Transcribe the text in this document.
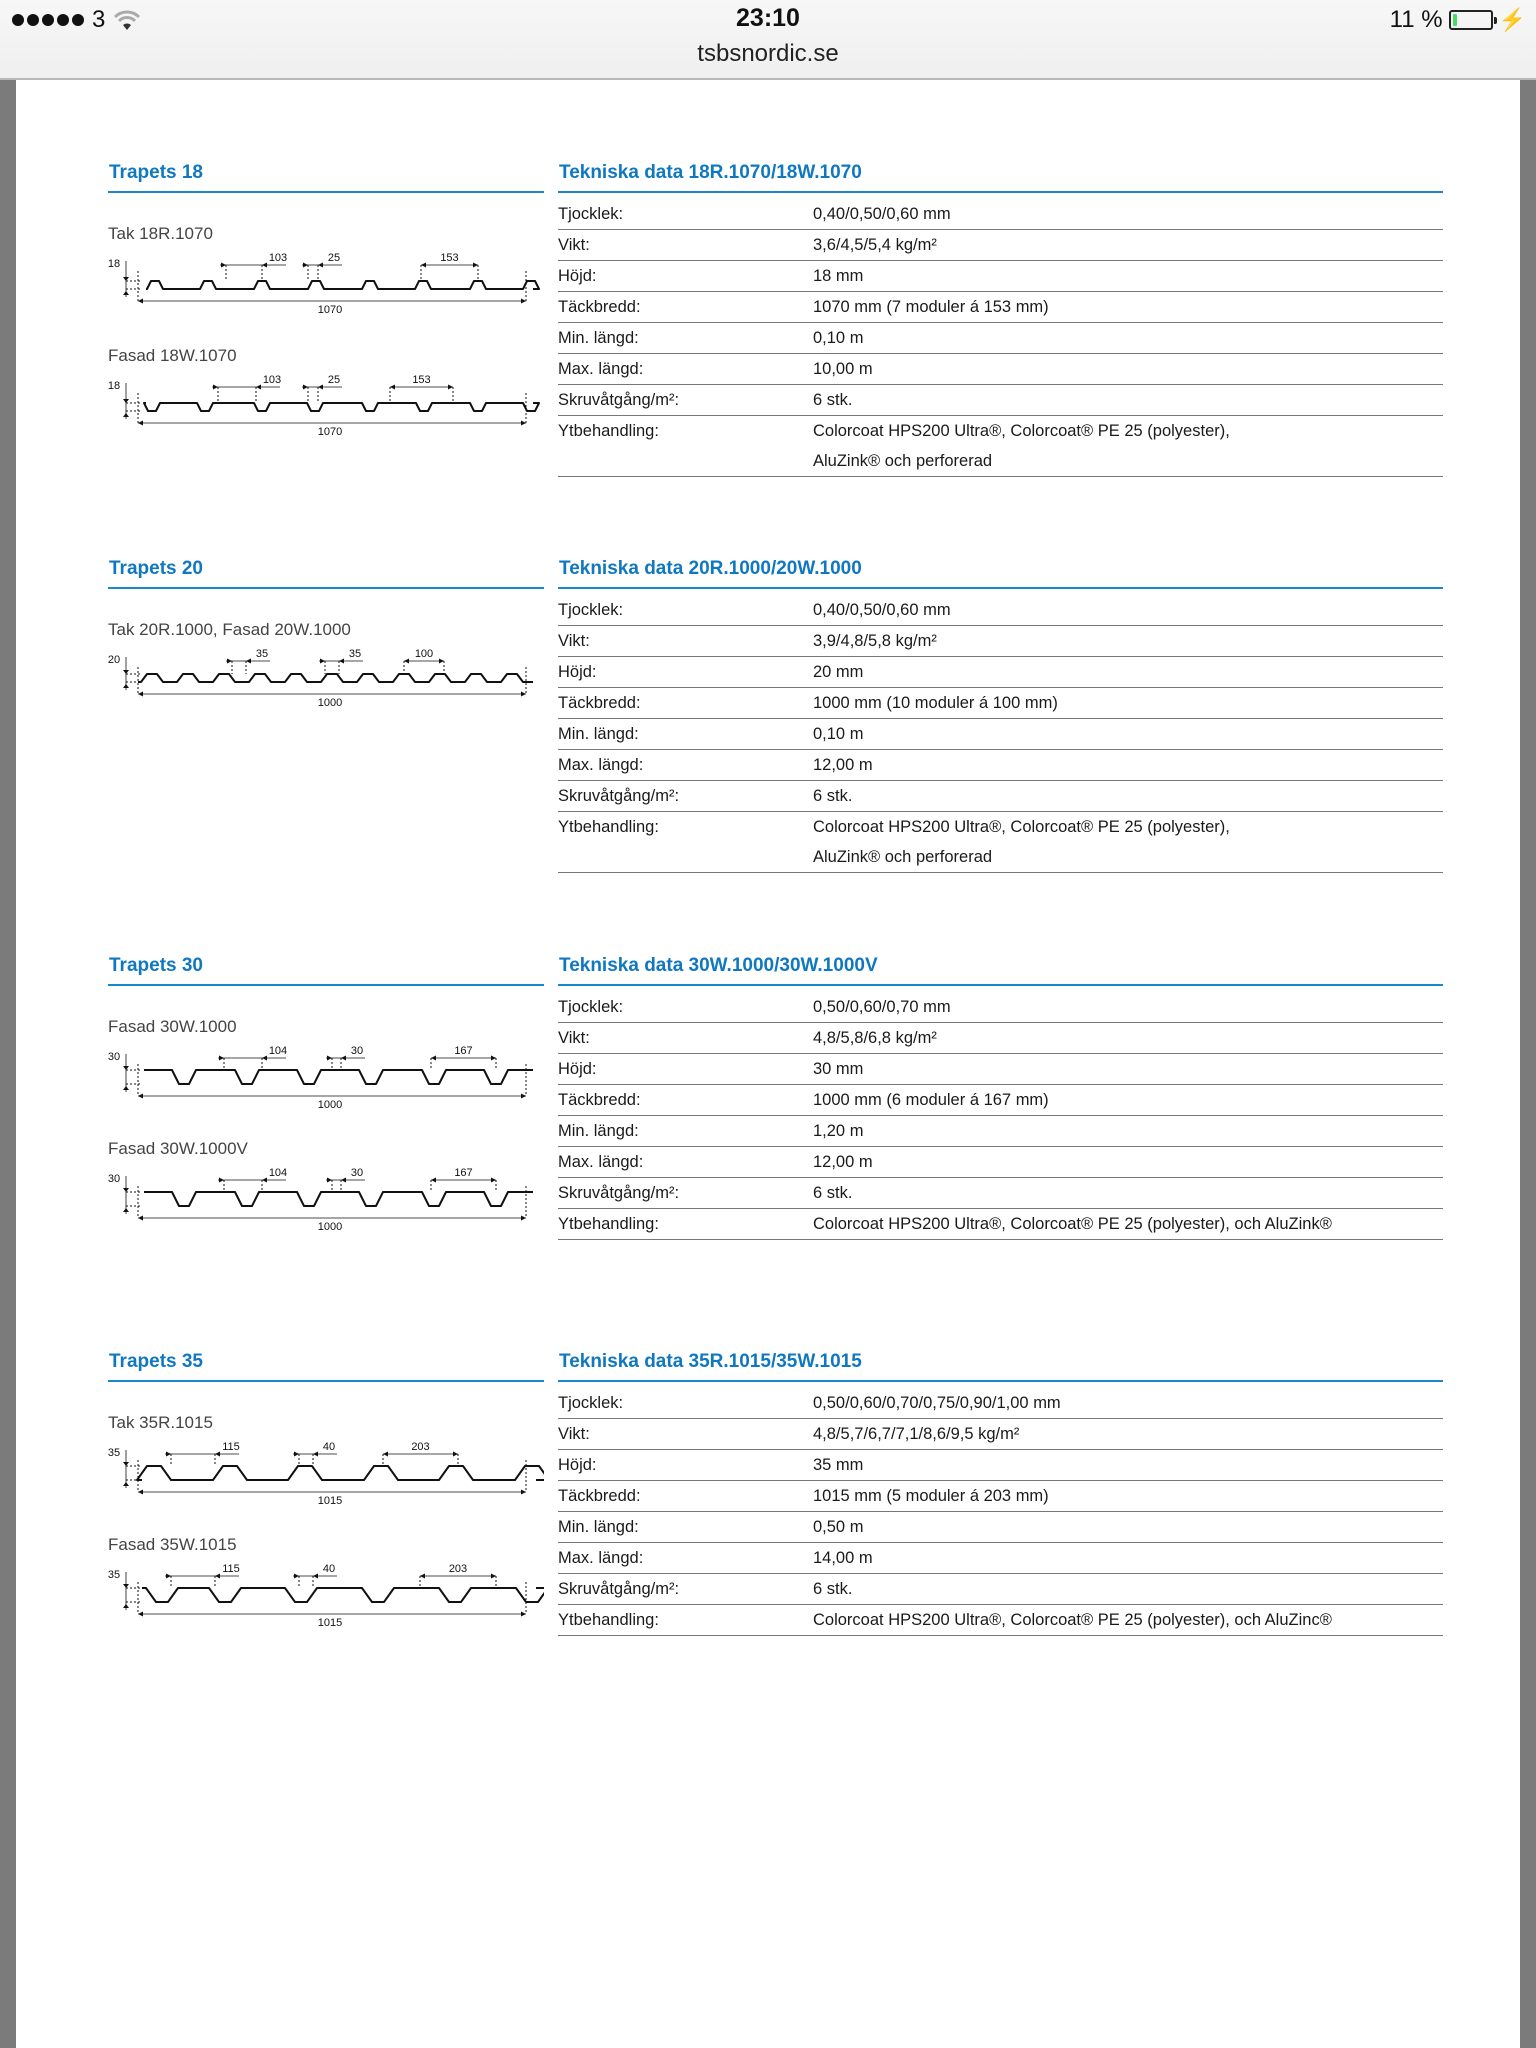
3	23:10	11 %	⚡
tsbsnordic.se
Trapets 18
Tak 18R.1070
18
1070
103	25	153
Fasad 18W.1070
18
1070
103	25	153
Tekniska data 18R.1070/18W.1070
Tjocklek:	0,40/0,50/0,60 mm

Vikt:	3,6/4,5/5,4 kg/m²

Höjd:	18 mm

Täckbredd:	1070 mm (7 moduler á 153 mm)

Min. längd:	0,10 m

Max. längd:	10,00 m

Skruvåtgång/m²:	6 stk.

Ytbehandling:	Colorcoat HPS200 Ultra®, Colorcoat® PE 25 (polyester),
AluZink® och perforerad
Trapets 20
Tak 20R.1000, Fasad 20W.1000
20
1000
35	35	100
Tekniska data 20R.1000/20W.1000
Tjocklek:	0,40/0,50/0,60 mm

Vikt:	3,9/4,8/5,8 kg/m²

Höjd:	20 mm

Täckbredd:	1000 mm (10 moduler á 100 mm)

Min. längd:	0,10 m

Max. längd:	12,00 m

Skruvåtgång/m²:	6 stk.

Ytbehandling:	Colorcoat HPS200 Ultra®, Colorcoat® PE 25 (polyester),
AluZink® och perforerad
Trapets 30
Fasad 30W.1000
30
1000
104	30	167
Fasad 30W.1000V
30
1000
104	30	167
Tekniska data 30W.1000/30W.1000V
Tjocklek:	0,50/0,60/0,70 mm

Vikt:	4,8/5,8/6,8 kg/m²

Höjd:	30 mm

Täckbredd:	1000 mm (6 moduler á 167 mm)

Min. längd:	1,20 m

Max. längd:	12,00 m

Skruvåtgång/m²:	6 stk.

Ytbehandling:	Colorcoat HPS200 Ultra®, Colorcoat® PE 25 (polyester), och AluZink®
Trapets 35
Tak 35R.1015
35
1015
115	40	203
Fasad 35W.1015
35
1015
115	40	203
Tekniska data 35R.1015/35W.1015
Tjocklek:	0,50/0,60/0,70/0,75/0,90/1,00 mm

Vikt:	4,8/5,7/6,7/7,1/8,6/9,5 kg/m²

Höjd:	35 mm

Täckbredd:	1015 mm (5 moduler á 203 mm)

Min. längd:	0,50 m

Max. längd:	14,00 m

Skruvåtgång/m²:	6 stk.

Ytbehandling:	Colorcoat HPS200 Ultra®, Colorcoat® PE 25 (polyester), och AluZinc®
